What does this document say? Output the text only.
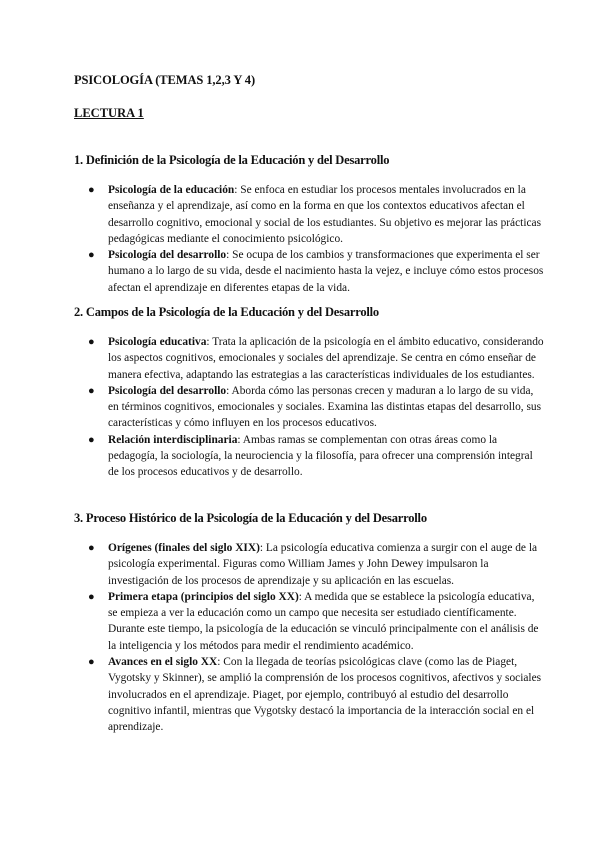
PSICOLOGÍA (TEMAS 1,2,3 Y 4)
LECTURA 1
1. Definición de la Psicología de la Educación y del Desarrollo
● Psicología de la educación: Se enfoca en estudiar los procesos mentales involucrados en la enseñanza y el aprendizaje, así como en la forma en que los contextos educativos afectan el desarrollo cognitivo, emocional y social de los estudiantes. Su objetivo es mejorar las prácticas pedagógicas mediante el conocimiento psicológico.
● Psicología del desarrollo: Se ocupa de los cambios y transformaciones que experimenta el ser humano a lo largo de su vida, desde el nacimiento hasta la vejez, e incluye cómo estos procesos afectan el aprendizaje en diferentes etapas de la vida.
2. Campos de la Psicología de la Educación y del Desarrollo
● Psicología educativa: Trata la aplicación de la psicología en el ámbito educativo, considerando los aspectos cognitivos, emocionales y sociales del aprendizaje. Se centra en cómo enseñar de manera efectiva, adaptando las estrategias a las características individuales de los estudiantes.
● Psicología del desarrollo: Aborda cómo las personas crecen y maduran a lo largo de su vida, en términos cognitivos, emocionales y sociales. Examina las distintas etapas del desarrollo, sus características y cómo influyen en los procesos educativos.
● Relación interdisciplinaria: Ambas ramas se complementan con otras áreas como la pedagogía, la sociología, la neurociencia y la filosofía, para ofrecer una comprensión integral de los procesos educativos y de desarrollo.
3. Proceso Histórico de la Psicología de la Educación y del Desarrollo
● Orígenes (finales del siglo XIX): La psicología educativa comienza a surgir con el auge de la psicología experimental. Figuras como William James y John Dewey impulsaron la investigación de los procesos de aprendizaje y su aplicación en las escuelas.
● Primera etapa (principios del siglo XX): A medida que se establece la psicología educativa, se empieza a ver la educación como un campo que necesita ser estudiado científicamente. Durante este tiempo, la psicología de la educación se vinculó principalmente con el análisis de la inteligencia y los métodos para medir el rendimiento académico.
● Avances en el siglo XX: Con la llegada de teorías psicológicas clave (como las de Piaget, Vygotsky y Skinner), se amplió la comprensión de los procesos cognitivos, afectivos y sociales involucrados en el aprendizaje. Piaget, por ejemplo, contribuyó al estudio del desarrollo cognitivo infantil, mientras que Vygotsky destacó la importancia de la interacción social en el aprendizaje.
